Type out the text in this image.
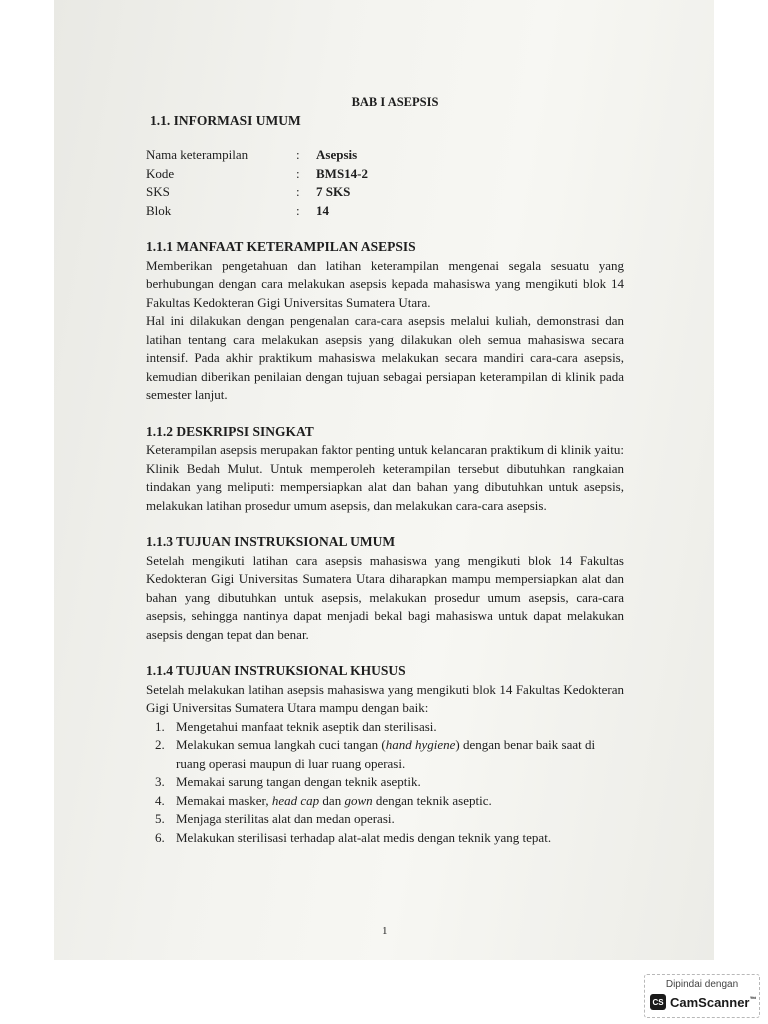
BAB I ASEPSIS
1.1. INFORMASI UMUM
Nama keterampilan	:	Asepsis
Kode	:	BMS14-2
SKS	:	7 SKS
Blok	:	14
1.1.1 MANFAAT KETERAMPILAN ASEPSIS

Memberikan pengetahuan dan latihan keterampilan mengenai segala sesuatu yang berhubungan dengan cara melakukan asepsis kepada mahasiswa yang mengikuti blok 14 Fakultas Kedokteran Gigi Universitas Sumatera Utara.

Hal ini dilakukan dengan pengenalan cara-cara asepsis melalui kuliah, demonstrasi dan latihan tentang cara melakukan asepsis yang dilakukan oleh semua mahasiswa secara intensif. Pada akhir praktikum mahasiswa melakukan secara mandiri cara-cara asepsis, kemudian diberikan penilaian dengan tujuan sebagai persiapan keterampilan di klinik pada semester lanjut.

1.1.2 DESKRIPSI SINGKAT

Keterampilan asepsis merupakan faktor penting untuk kelancaran praktikum di klinik yaitu: Klinik Bedah Mulut. Untuk memperoleh keterampilan tersebut dibutuhkan rangkaian tindakan yang meliputi: mempersiapkan alat dan bahan yang dibutuhkan untuk asepsis, melakukan latihan prosedur umum asepsis, dan melakukan cara-cara asepsis.

1.1.3 TUJUAN INSTRUKSIONAL UMUM

Setelah mengikuti latihan cara asepsis mahasiswa yang mengikuti blok 14 Fakultas Kedokteran Gigi Universitas Sumatera Utara diharapkan mampu mempersiapkan alat dan bahan yang dibutuhkan untuk asepsis, melakukan prosedur umum asepsis, cara-cara asepsis, sehingga nantinya dapat menjadi bekal bagi mahasiswa untuk dapat melakukan asepsis dengan tepat dan benar.

1.1.4 TUJUAN INSTRUKSIONAL KHUSUS

Setelah melakukan latihan asepsis mahasiswa yang mengikuti blok 14 Fakultas Kedokteran Gigi Universitas Sumatera Utara mampu dengan baik:

1. Mengetahui manfaat teknik aseptik dan sterilisasi.
2. Melakukan semua langkah cuci tangan (hand hygiene) dengan benar baik saat di ruang operasi maupun di luar ruang operasi.
3. Memakai sarung tangan dengan teknik aseptik.
4. Memakai masker, head cap dan gown dengan teknik aseptic.
5. Menjaga sterilitas alat dan medan operasi.
6. Melakukan sterilisasi terhadap alat-alat medis dengan teknik yang tepat.
1
Dipindai dengan
CS CamScanner™
